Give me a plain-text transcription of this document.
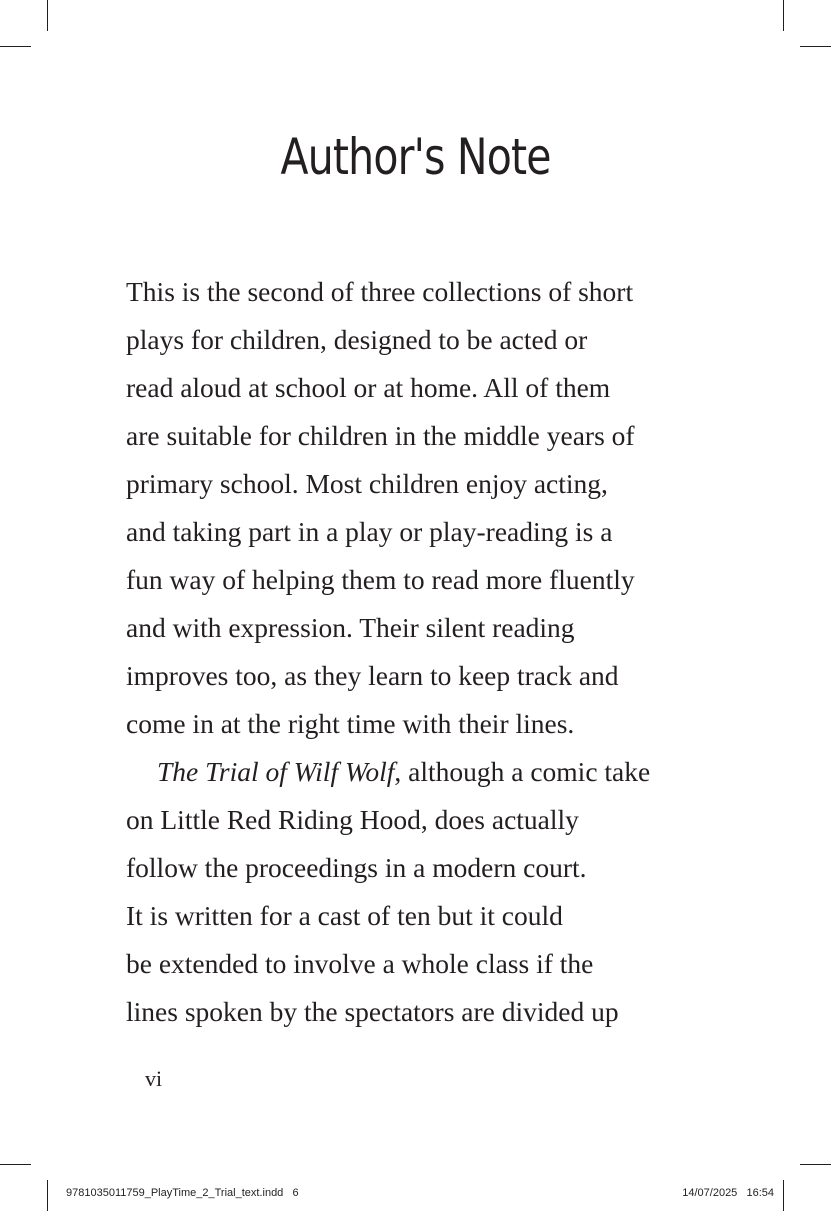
Author's Note
This is the second of three collections of short
plays for children, designed to be acted or
read aloud at school or at home. All of them
are suitable for children in the middle years of
primary school. Most children enjoy acting,
and taking part in a play or play-reading is a
fun way of helping them to read more fluently
and with expression. Their silent reading
improves too, as they learn to keep track and
come in at the right time with their lines.
The Trial of Wilf Wolf, although a comic take
on Little Red Riding Hood, does actually
follow the proceedings in a modern court.
It is written for a cast of ten but it could
be extended to involve a whole class if the
lines spoken by the spectators are divided up
vi
9781035011759_PlayTime_2_Trial_text.indd   6	14/07/2025   16:54
